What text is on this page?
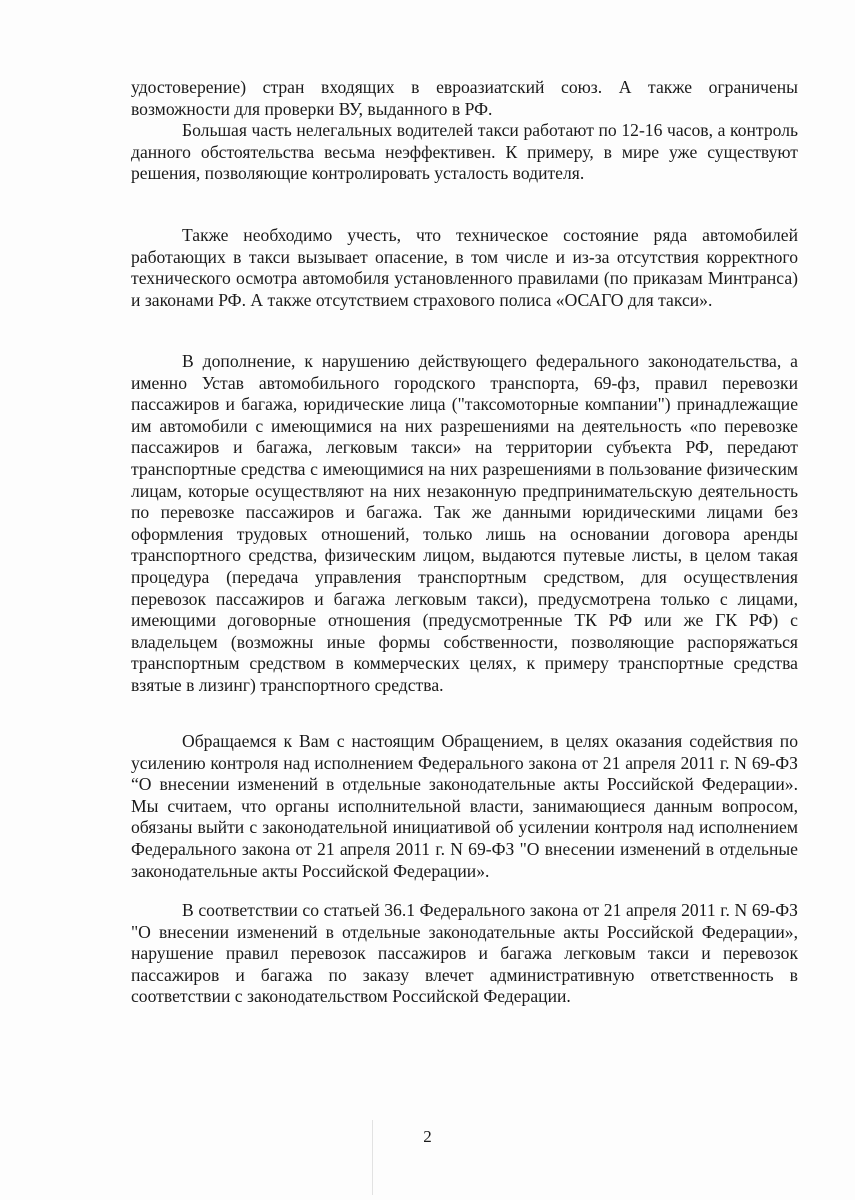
удостоверение) стран входящих в евроазиатский союз. А также ограничены возможности для проверки ВУ, выданного в РФ.

Большая часть нелегальных водителей такси работают по 12-16 часов, а контроль данного обстоятельства весьма неэффективен. К примеру, в мире уже существуют решения, позволяющие контролировать усталость водителя.

Также необходимо учесть, что техническое состояние ряда автомобилей работающих в такси вызывает опасение, в том числе и из-за отсутствия корректного технического осмотра автомобиля установленного правилами (по приказам Минтранса) и законами РФ. А также отсутствием страхового полиса «ОСАГО для такси».

В дополнение, к нарушению действующего федерального законодательства, а именно Устав автомобильного городского транспорта, 69-фз, правил перевозки пассажиров и багажа, юридические лица ("таксомоторные компании") принадлежащие им автомобили с имеющимися на них разрешениями на деятельность «по перевозке пассажиров и багажа, легковым такси» на территории субъекта РФ, передают транспортные средства с имеющимися на них разрешениями в пользование физическим лицам, которые осуществляют на них незаконную предпринимательскую деятельность по перевозке пассажиров и багажа. Так же данными юридическими лицами без оформления трудовых отношений, только лишь на основании договора аренды транспортного средства, физическим лицом, выдаются путевые листы, в целом такая процедура (передача управления транспортным средством, для осуществления перевозок пассажиров и багажа легковым такси), предусмотрена только с лицами, имеющими договорные отношения (предусмотренные ТК РФ или же ГК РФ) с владельцем (возможны иные формы собственности, позволяющие распоряжаться транспортным средством в коммерческих целях, к примеру транспортные средства взятые в лизинг) транспортного средства.

Обращаемся к Вам с настоящим Обращением, в целях оказания содействия по усилению контроля над исполнением Федерального закона от 21 апреля 2011 г. N 69-ФЗ “О внесении изменений в отдельные законодательные акты Российской Федерации». Мы считаем, что органы исполнительной власти, занимающиеся данным вопросом, обязаны выйти с законодательной инициативой об усилении контроля над исполнением Федерального закона от 21 апреля 2011 г. N 69-ФЗ "О внесении изменений в отдельные законодательные акты Российской Федерации».

В соответствии со статьей 36.1 Федерального закона от 21 апреля 2011 г. N 69-ФЗ "О внесении изменений в отдельные законодательные акты Российской Федерации», нарушение правил перевозок пассажиров и багажа легковым такси и перевозок пассажиров и багажа по заказу влечет административную ответственность в соответствии с законодательством Российской Федерации.

2
